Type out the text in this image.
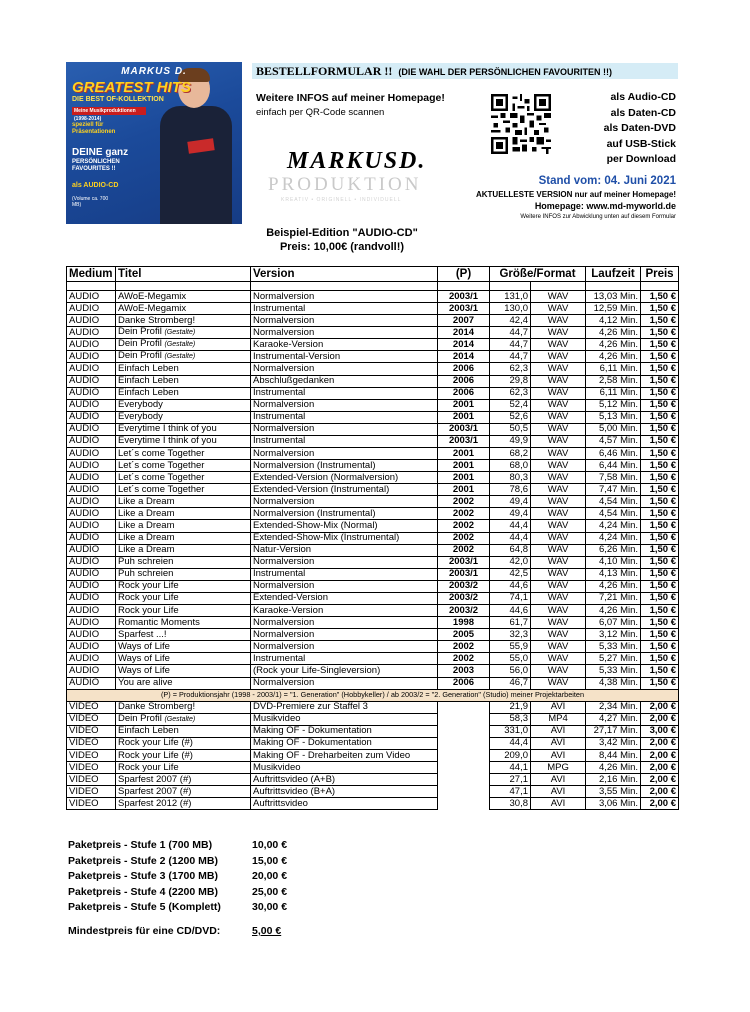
MARKUS D.
GREATEST HITS
DIE BEST OF-KOLLEKTION
Meine Musikproduktionen (1998-2014)
speziell für Präsentationen
DEINE ganz
PERSÖNLICHEN FAVOURITES !!
als AUDIO-CD
(Volume ca. 700 MB)
BESTELLFORMULAR !! (DIE WAHL DER PERSÖNLICHEN FAVOURITEN !!)
Weitere INFOS auf meiner Homepage!
einfach per QR-Code scannen
als Audio-CD
als Daten-CD
als Daten-DVD
auf USB-Stick
per Download
MARKUSD.
PRODUKTION
KREATIV • ORIGINELL • INDIVIDUELL
Beispiel-Edition "AUDIO-CD"
Preis: 10,00€ (randvoll!)
Stand vom: 04. Juni 2021
AKTUELLESTE VERSION nur auf meiner Homepage!
Homepage: www.md-myworld.de
Weitere INFOS zur Abwicklung unten auf diesem Formular
Medium	Titel	Version	(P)	Größe/Format		Laufzeit	Preis

AUDIO	AWoE-Megamix	Normalversion	2003/1	131,0	WAV	13,03 Min.	1,50 €
AUDIO	AWoE-Megamix	Instrumental	2003/1	130,0	WAV	12,59 Min.	1,50 €
AUDIO	Danke Stromberg!	Normalversion	2007	42,4	WAV	4,12 Min.	1,50 €
AUDIO	Dein Profil (Gestalte)	Normalversion	2014	44,7	WAV	4,26 Min.	1,50 €
AUDIO	Dein Profil (Gestalte)	Karaoke-Version	2014	44,7	WAV	4,26 Min.	1,50 €
AUDIO	Dein Profil (Gestalte)	Instrumental-Version	2014	44,7	WAV	4,26 Min.	1,50 €
AUDIO	Einfach Leben	Normalversion	2006	62,3	WAV	6,11 Min.	1,50 €
AUDIO	Einfach Leben	Abschlußgedanken	2006	29,8	WAV	2,58 Min.	1,50 €
AUDIO	Einfach Leben	Instrumental	2006	62,3	WAV	6,11 Min.	1,50 €
AUDIO	Everybody	Normalversion	2001	52,4	WAV	5,12 Min.	1,50 €
AUDIO	Everybody	Instrumental	2001	52,6	WAV	5,13 Min.	1,50 €
AUDIO	Everytime I think of you	Normalversion	2003/1	50,5	WAV	5,00 Min.	1,50 €
AUDIO	Everytime I think of you	Instrumental	2003/1	49,9	WAV	4,57 Min.	1,50 €
AUDIO	Let´s come Together	Normalversion	2001	68,2	WAV	6,46 Min.	1,50 €
AUDIO	Let´s come Together	Normalversion (Instrumental)	2001	68,0	WAV	6,44 Min.	1,50 €
AUDIO	Let´s come Together	Extended-Version (Normalversion)	2001	80,3	WAV	7,58 Min.	1,50 €
AUDIO	Let´s come Together	Extended-Version (Instrumental)	2001	78,6	WAV	7,47 Min.	1,50 €
AUDIO	Like a Dream	Normalversion	2002	49,4	WAV	4,54 Min.	1,50 €
AUDIO	Like a Dream	Normalversion (Instrumental)	2002	49,4	WAV	4,54 Min.	1,50 €
AUDIO	Like a Dream	Extended-Show-Mix (Normal)	2002	44,4	WAV	4,24 Min.	1,50 €
AUDIO	Like a Dream	Extended-Show-Mix (Instrumental)	2002	44,4	WAV	4,24 Min.	1,50 €
AUDIO	Like a Dream	Natur-Version	2002	64,8	WAV	6,26 Min.	1,50 €
AUDIO	Puh schreien	Normalversion	2003/1	42,0	WAV	4,10 Min.	1,50 €
AUDIO	Puh schreien	Instrumental	2003/1	42,5	WAV	4,13 Min.	1,50 €
AUDIO	Rock your Life	Normalversion	2003/2	44,6	WAV	4,26 Min.	1,50 €
AUDIO	Rock your Life	Extended-Version	2003/2	74,1	WAV	7,21 Min.	1,50 €
AUDIO	Rock your Life	Karaoke-Version	2003/2	44,6	WAV	4,26 Min.	1,50 €
AUDIO	Romantic Moments	Normalversion	1998	61,7	WAV	6,07 Min.	1,50 €
AUDIO	Sparfest ...!	Normalversion	2005	32,3	WAV	3,12 Min.	1,50 €
AUDIO	Ways of Life	Normalversion	2002	55,9	WAV	5,33 Min.	1,50 €
AUDIO	Ways of Life	Instrumental	2002	55,0	WAV	5,27 Min.	1,50 €
AUDIO	Ways of Life	(Rock your Life-Singleversion)	2003	56,0	WAV	5,33 Min.	1,50 €
AUDIO	You are alive	Normalversion	2006	46,7	WAV	4,38 Min.	1,50 €
(P) = Produktionsjahr (1998 - 2003/1) = "1. Generation" (Hobbykeller) / ab 2003/2 = "2. Generation" (Studio) meiner Projektarbeiten							
VIDEO	Danke Stromberg!	DVD-Premiere zur Staffel 3		21,9	AVI	2,34 Min.	2,00 €
VIDEO	Dein Profil (Gestalte)	Musikvideo		58,3	MP4	4,27 Min.	2,00 €
VIDEO	Einfach Leben	Making OF - Dokumentation		331,0	AVI	27,17 Min.	3,00 €
VIDEO	Rock your Life (#)	Making OF - Dokumentation		44,4	AVI	3,42 Min.	2,00 €
VIDEO	Rock your Life (#)	Making OF - Dreharbeiten zum Video		209,0	AVI	8,44 Min.	2,00 €
VIDEO	Rock your Life	Musikvideo		44,1	MPG	4,26 Min.	2,00 €
VIDEO	Sparfest 2007 (#)	Auftrittsvideo (A+B)		27,1	AVI	2,16 Min.	2,00 €
VIDEO	Sparfest 2007 (#)	Auftrittsvideo (B+A)		47,1	AVI	3,55 Min.	2,00 €
VIDEO	Sparfest 2012 (#)	Auftrittsvideo		30,8	AVI	3,06 Min.	2,00 €
Paketpreis - Stufe 1 (700 MB)	10,00 €
Paketpreis - Stufe 2 (1200 MB)	15,00 €
Paketpreis - Stufe 3 (1700 MB)	20,00 €
Paketpreis - Stufe 4 (2200 MB)	25,00 €
Paketpreis - Stufe 5 (Komplett)	30,00 €
Mindestpreis für eine CD/DVD:	5,00 €
